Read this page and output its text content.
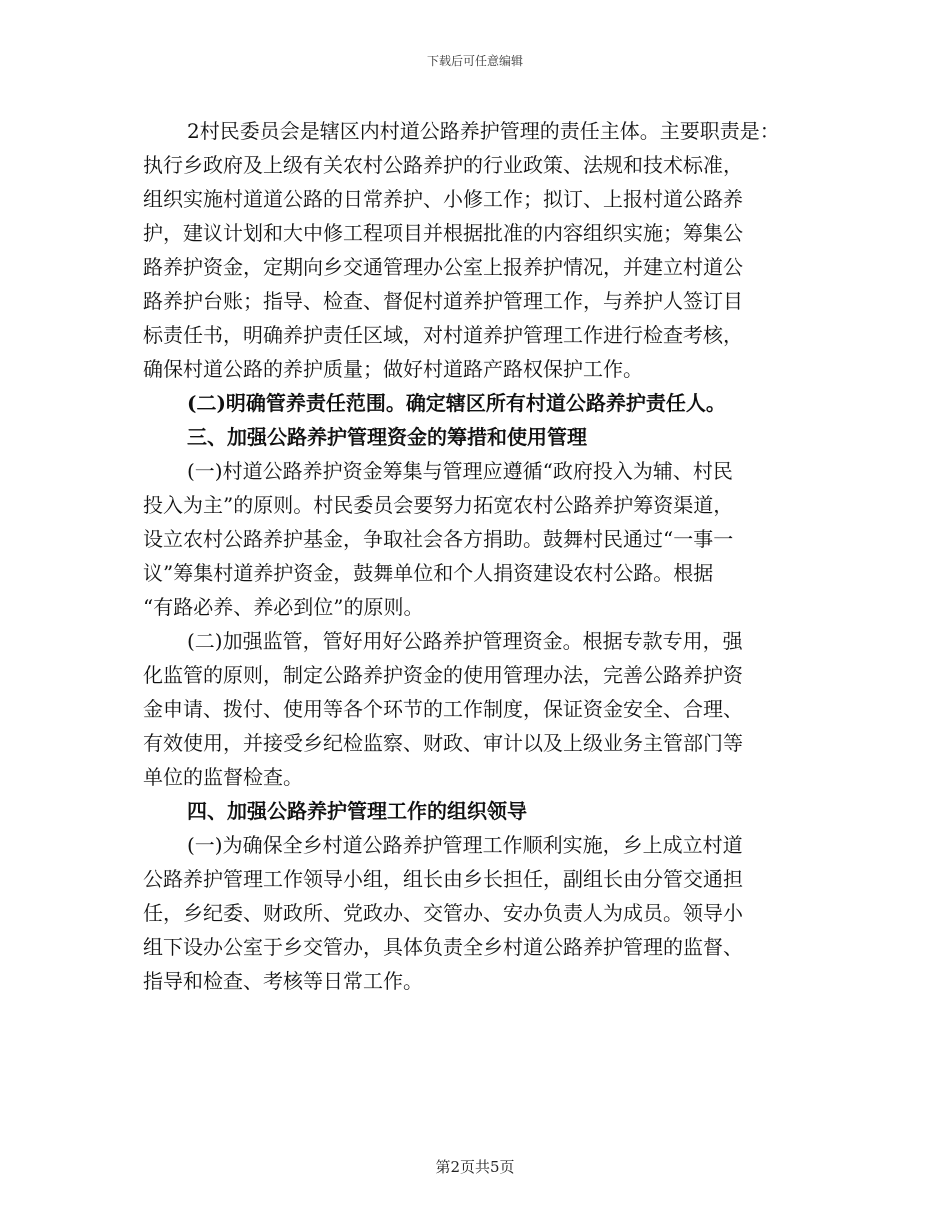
下载后可任意编辑
2村民委员会是辖区内村道公路养护管理的责任主体。主要职责是：
执行乡政府及上级有关农村公路养护的行业政策、法规和技术标准，
组织实施村道道公路的日常养护、小修工作；拟订、上报村道公路养
护，建议计划和大中修工程项目并根据批准的内容组织实施；筹集公
路养护资金，定期向乡交通管理办公室上报养护情况，并建立村道公
路养护台账；指导、检查、督促村道养护管理工作，与养护人签订目
标责任书，明确养护责任区域，对村道养护管理工作进行检查考核，
确保村道公路的养护质量；做好村道路产路权保护工作。
(二)明确管养责任范围。确定辖区所有村道公路养护责任人。
三、加强公路养护管理资金的筹措和使用管理
(一)村道公路养护资金筹集与管理应遵循“政府投入为辅、村民
投入为主”的原则。村民委员会要努力拓宽农村公路养护筹资渠道，
设立农村公路养护基金，争取社会各方捐助。鼓舞村民通过“一事一
议”筹集村道养护资金，鼓舞单位和个人捐资建设农村公路。根据
“有路必养、养必到位”的原则。
(二)加强监管，管好用好公路养护管理资金。根据专款专用，强
化监管的原则，制定公路养护资金的使用管理办法，完善公路养护资
金申请、拨付、使用等各个环节的工作制度，保证资金安全、合理、
有效使用，并接受乡纪检监察、财政、审计以及上级业务主管部门等
单位的监督检查。
四、加强公路养护管理工作的组织领导
(一)为确保全乡村道公路养护管理工作顺利实施，乡上成立村道
公路养护管理工作领导小组，组长由乡长担任，副组长由分管交通担
任，乡纪委、财政所、党政办、交管办、安办负责人为成员。领导小
组下设办公室于乡交管办，具体负责全乡村道公路养护管理的监督、
指导和检查、考核等日常工作。
第2页共5页
